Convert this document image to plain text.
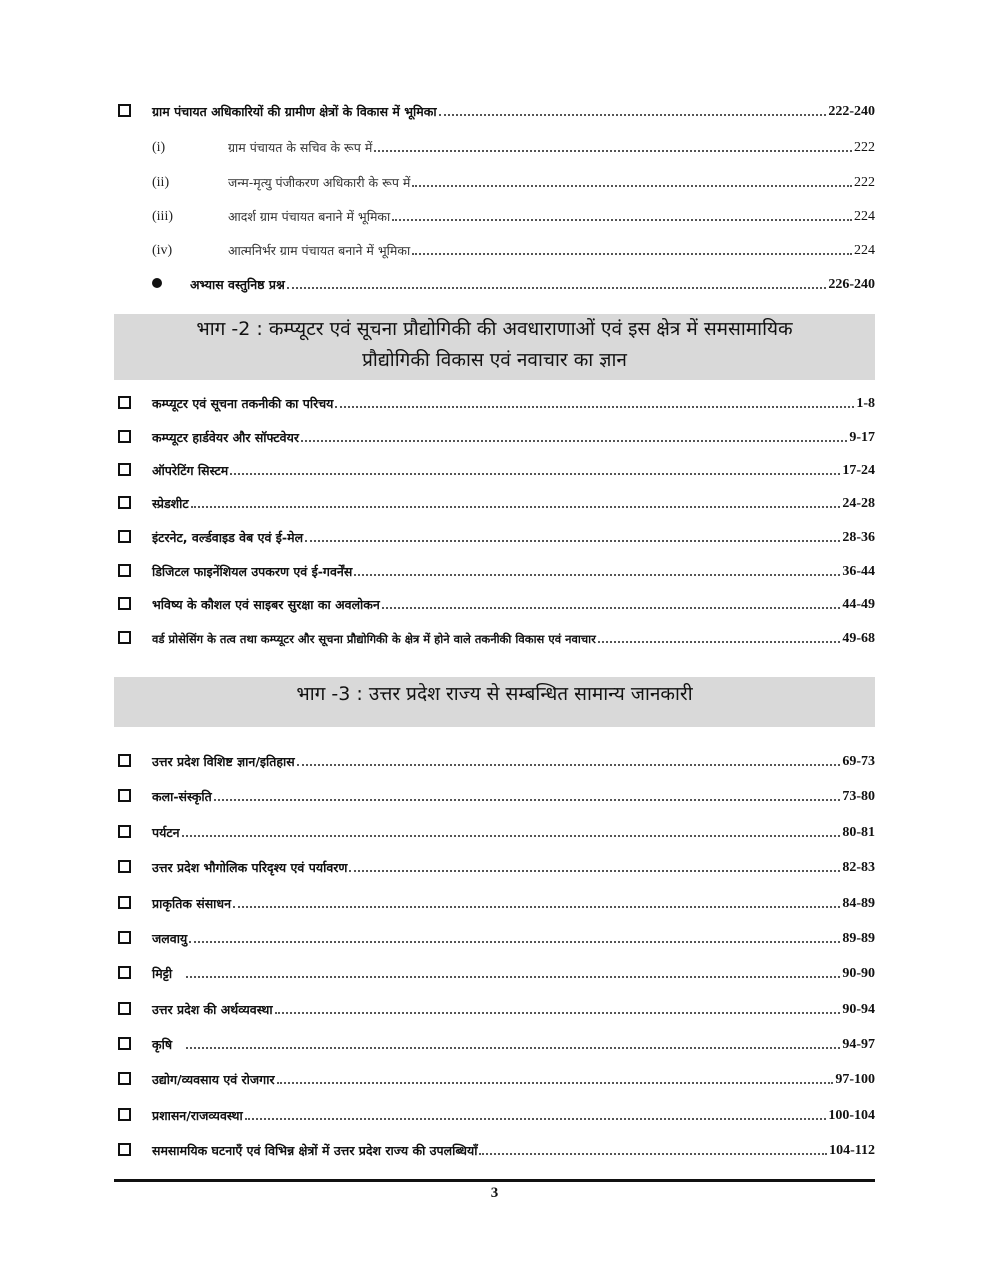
ग्राम पंचायत अधिकारियों की ग्रामीण क्षेत्रों के विकास में भूमिका	222-240
(i)	ग्राम पंचायत के सचिव के रूप में	222
(ii)	जन्म-मृत्यु पंजीकरण अधिकारी के रूप में	222
(iii)	आदर्श ग्राम पंचायत बनाने में भूमिका	224
(iv)	आत्मनिर्भर ग्राम पंचायत बनाने में भूमिका	224
अभ्यास वस्तुनिष्ठ प्रश्न	226-240
भाग -2 : कम्प्यूटर एवं सूचना प्रौद्योगिकी की अवधाराणाओं एवं इस क्षेत्र में समसामायिक
प्रौद्योगिकी विकास एवं नवाचार का ज्ञान
कम्प्यूटर एवं सूचना तकनीकी का परिचय	1-8
कम्प्यूटर हार्डवेयर और सॉफ्टवेयर	9-17
ऑपरेटिंग सिस्टम	17-24
स्प्रेडशीट	24-28
इंटरनेट, वर्ल्डवाइड वेब एवं ई-मेल	28-36
डिजिटल फाइनेंशियल उपकरण एवं ई-गवर्नेंस	36-44
भविष्य के कौशल एवं साइबर सुरक्षा का अवलोकन	44-49
वर्ड प्रोसेसिंग के तत्व तथा कम्प्यूटर और सूचना प्रौद्योगिकी के क्षेत्र में होने वाले तकनीकी विकास एवं नवाचार	49-68
भाग -3 : उत्तर प्रदेश राज्य से सम्बन्धित सामान्य जानकारी
उत्तर प्रदेश विशिष्ट ज्ञान/इतिहास	69-73
कला-संस्कृति	73-80
पर्यटन	80-81
उत्तर प्रदेश भौगोलिक परिदृश्य एवं पर्यावरण	82-83
प्राकृतिक संसाधन	84-89
जलवायु	89-89
मिट्टी	90-90
उत्तर प्रदेश की अर्थव्यवस्था	90-94
कृषि	94-97
उद्योग/व्यवसाय एवं रोजगार	97-100
प्रशासन/राजव्यवस्था	100-104
समसामयिक घटनाएँ एवं विभिन्न क्षेत्रों में उत्तर प्रदेश राज्य की उपलब्धियाँ	104-112
3
